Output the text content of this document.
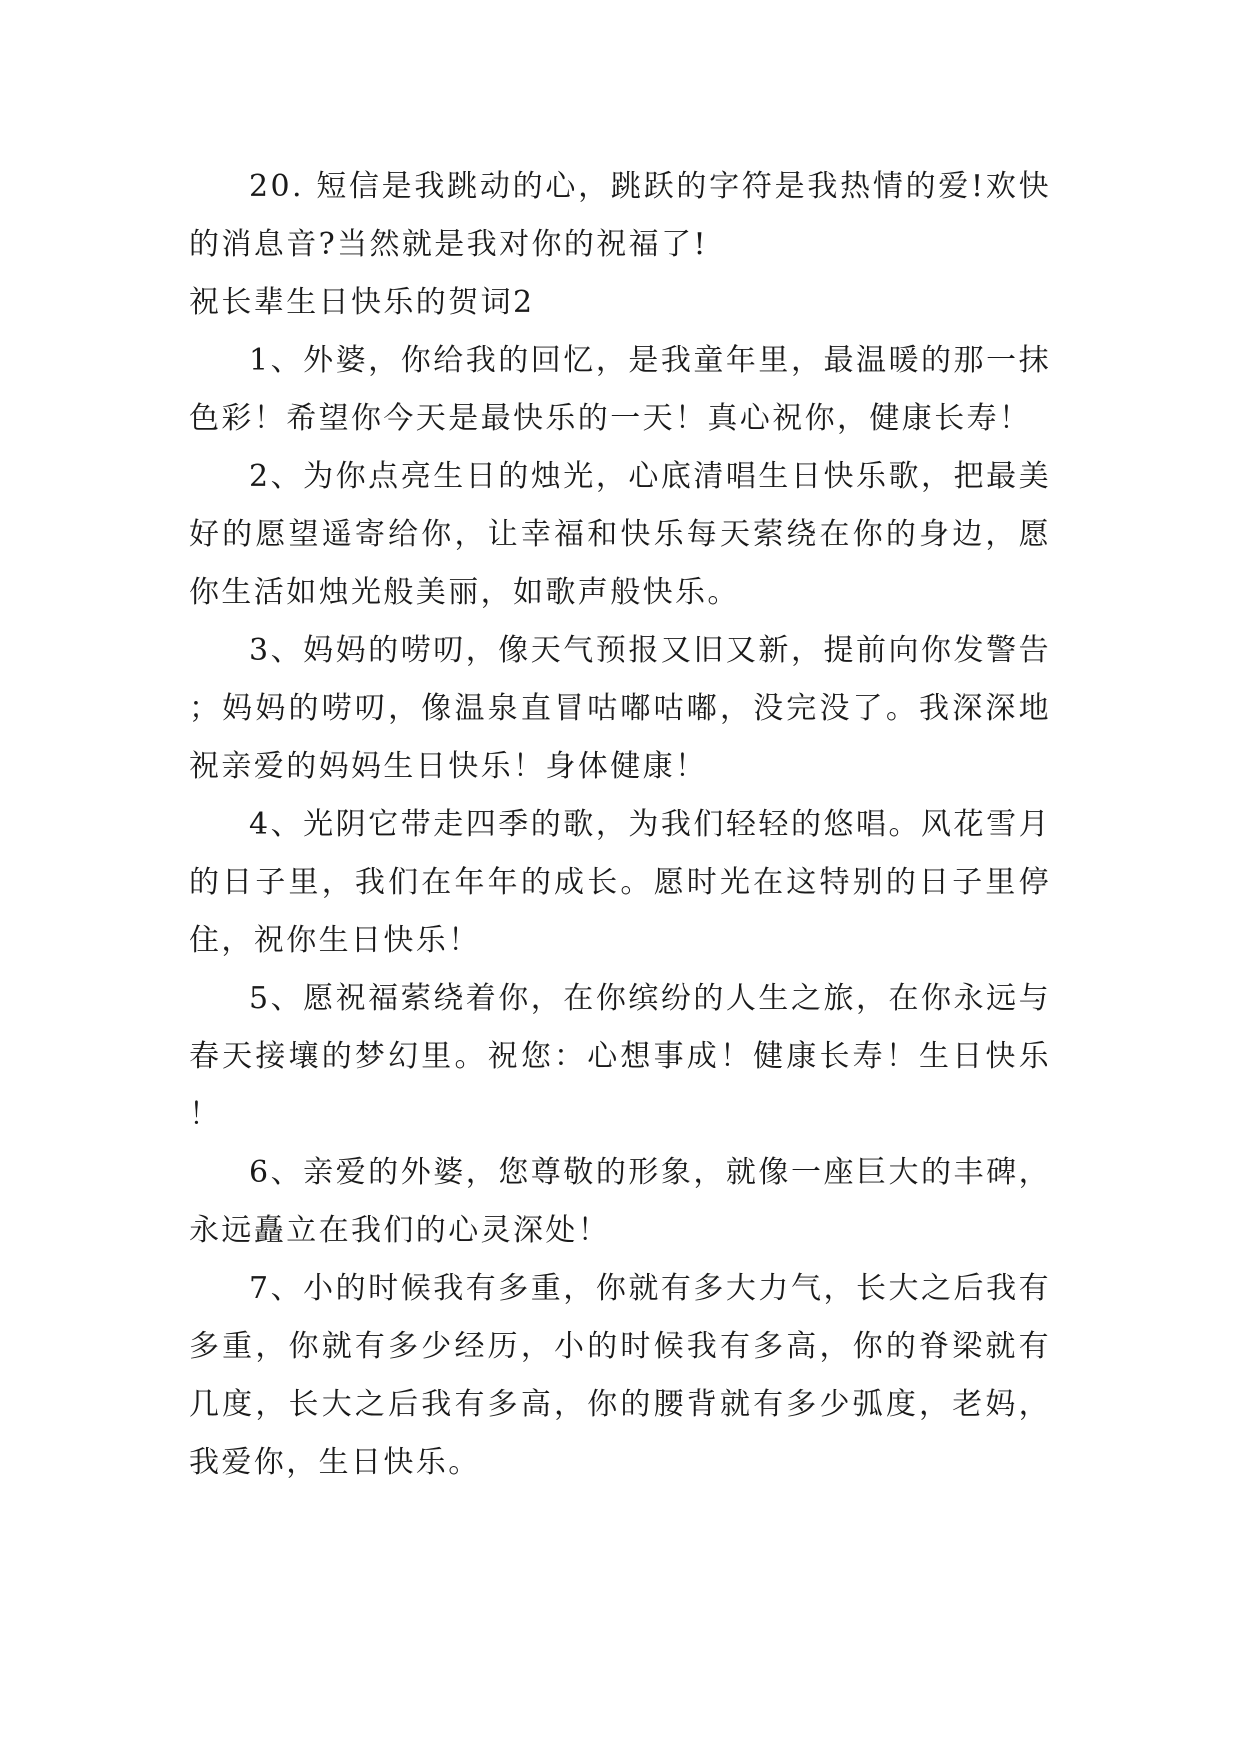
20. 短信是我跳动的心，跳跃的字符是我热情的爱!欢快的消息音?当然就是我对你的祝福了!

祝长辈生日快乐的贺词2

1、外婆，你给我的回忆，是我童年里，最温暖的那一抹色彩！希望你今天是最快乐的一天！真心祝你，健康长寿！

2、为你点亮生日的烛光，心底清唱生日快乐歌，把最美好的愿望遥寄给你，让幸福和快乐每天萦绕在你的身边，愿你生活如烛光般美丽，如歌声般快乐。

3、妈妈的唠叨，像天气预报又旧又新，提前向你发警告；妈妈的唠叨，像温泉直冒咕嘟咕嘟，没完没了。我深深地祝亲爱的妈妈生日快乐！身体健康！

4、光阴它带走四季的歌，为我们轻轻的悠唱。风花雪月的日子里，我们在年年的成长。愿时光在这特别的日子里停住，祝你生日快乐！

5、愿祝福萦绕着你，在你缤纷的人生之旅，在你永远与春天接壤的梦幻里。祝您：心想事成！健康长寿！生日快乐！

6、亲爱的外婆，您尊敬的形象，就像一座巨大的丰碑，永远矗立在我们的心灵深处！

7、小的时候我有多重，你就有多大力气，长大之后我有多重，你就有多少经历，小的时候我有多高，你的脊梁就有几度，长大之后我有多高，你的腰背就有多少弧度，老妈，我爱你，生日快乐。
